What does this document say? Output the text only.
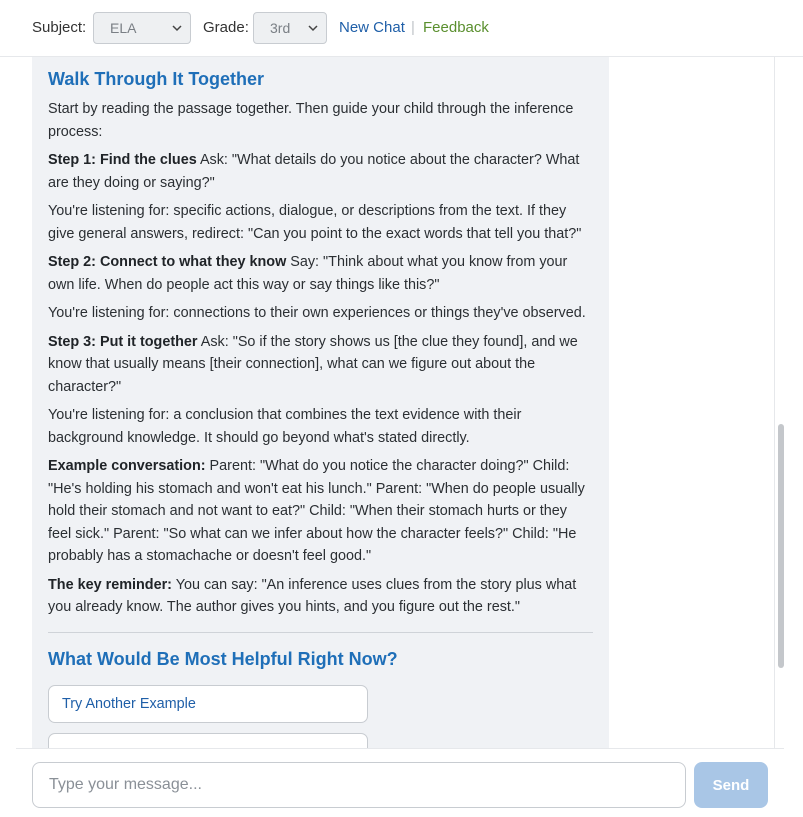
Subject:	ELA	Grade:	3rd	New Chat | Feedback
Walk Through It Together

Start by reading the passage together. Then guide your child through the inference process:

Step 1: Find the clues Ask: "What details do you notice about the character? What are they doing or saying?"

You're listening for: specific actions, dialogue, or descriptions from the text. If they give general answers, redirect: "Can you point to the exact words that tell you that?"

Step 2: Connect to what they know Say: "Think about what you know from your own life. When do people act this way or say things like this?"

You're listening for: connections to their own experiences or things they've observed.

Step 3: Put it together Ask: "So if the story shows us [the clue they found], and we know that usually means [their connection], what can we figure out about the character?"

You're listening for: a conclusion that combines the text evidence with their background knowledge. It should go beyond what's stated directly.

Example conversation: Parent: "What do you notice the character doing?" Child: "He's holding his stomach and won't eat his lunch." Parent: "When do people usually hold their stomach and not want to eat?" Child: "When their stomach hurts or they feel sick." Parent: "So what can we infer about how the character feels?" Child: "He probably has a stomachache or doesn't feel good."

The key reminder: You can say: "An inference uses clues from the story plus what you already know. The author gives you hints, and you figure out the rest."

What Would Be Most Helpful Right Now?
Try Another Example
Type your message...
Send
